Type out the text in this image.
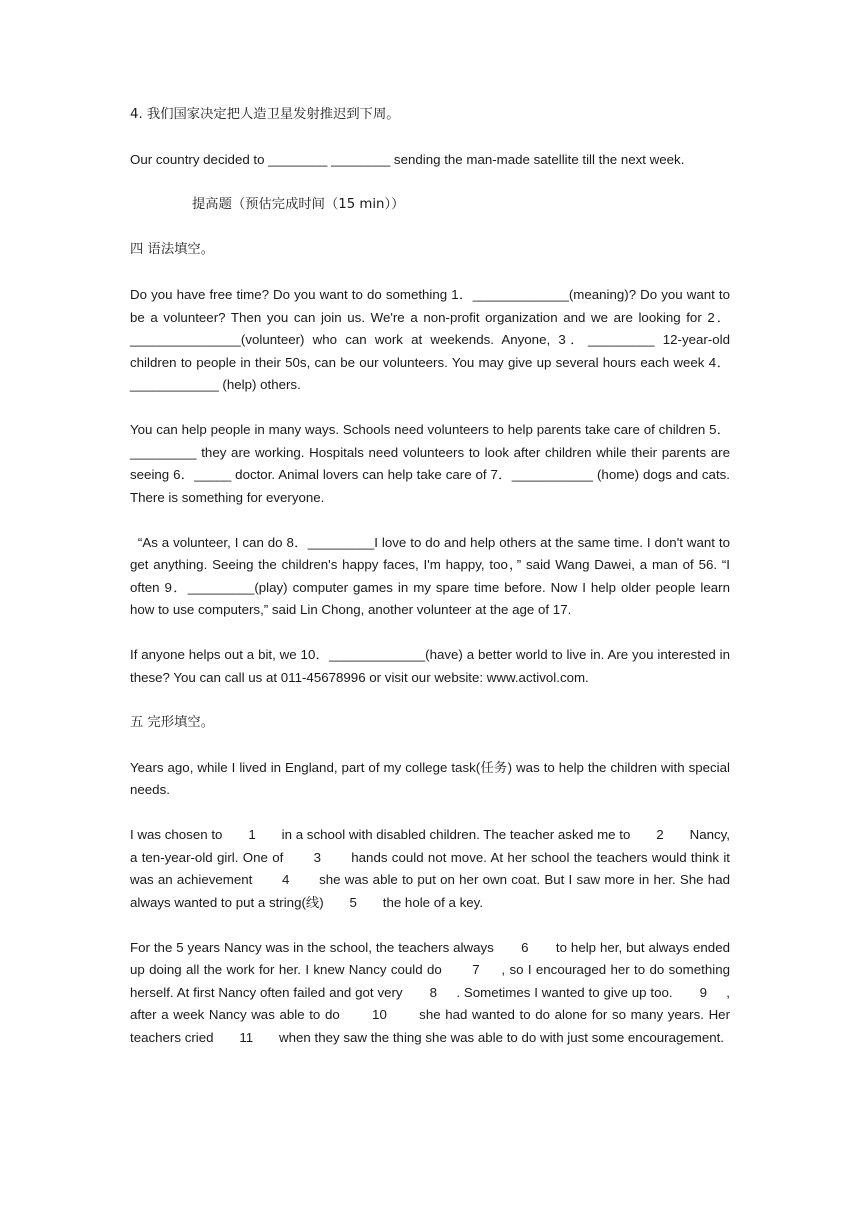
4. 我们国家决定把人造卫星发射推迟到下周。

Our country decided to ________ ________ sending the man-made satellite till the next week.

提高题（预估完成时间（15 min））

四 语法填空。

Do you have free time? Do you want to do something 1．_____________(meaning)? Do you want to be a volunteer? Then you can join us. We're a non-profit organization and we are looking for 2．_______________(volunteer) who can work at weekends. Anyone, 3．_________ 12-year-old children to people in their 50s, can be our volunteers. You may give up several hours each week 4．____________ (help) others.

You can help people in many ways. Schools need volunteers to help parents take care of children 5．_________ they are working. Hospitals need volunteers to look after children while their parents are seeing 6．_____ doctor. Animal lovers can help take care of 7．___________ (home) dogs and cats. There is something for everyone.

“As a volunteer, I can do 8．_________I love to do and help others at the same time. I don't want to get anything. Seeing the children's happy faces, I'm happy, too，” said Wang Dawei, a man of 56. “I often 9．_________(play) computer games in my spare time before. Now I help older people learn how to use computers,” said Lin Chong, another volunteer at the age of 17.

If anyone helps out a bit, we 10．_____________(have) a better world to live in. Are you interested in these? You can call us at 011-45678996 or visit our website: www.activol.com.

五 完形填空。

Years ago, while I lived in England, part of my college task(任务) was to help the children with special needs.

I was chosen to       1       in a school with disabled children. The teacher asked me to       2       Nancy, a ten-year-old girl. One of       3       hands could not move. At her school the teachers would think it was an achievement       4       she was able to put on her own coat. But I saw more in her. She had always wanted to put a string(线)       5       the hole of a key.

For the 5 years Nancy was in the school, the teachers always       6       to help her, but always ended up doing all the work for her. I knew Nancy could do       7     , so I encouraged her to do something herself. At first Nancy often failed and got very       8     . Sometimes I wanted to give up too.       9     , after a week Nancy was able to do       10       she had wanted to do alone for so many years. Her teachers cried       11       when they saw the thing she was able to do with just some encouragement.
